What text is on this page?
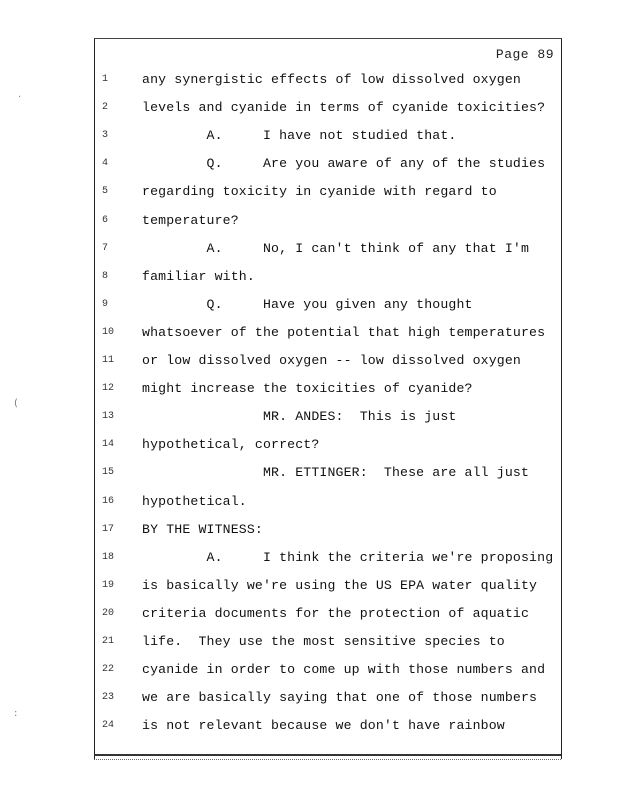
Page 89
1	any synergistic effects of low dissolved oxygen
2	levels and cyanide in terms of cyanide toxicities?
3	A.     I have not studied that.
4	Q.     Are you aware of any of the studies
5	regarding toxicity in cyanide with regard to
6	temperature?
7	A.     No, I can't think of any that I'm
8	familiar with.
9	Q.     Have you given any thought
10	whatsoever of the potential that high temperatures
11	or low dissolved oxygen -- low dissolved oxygen
12	might increase the toxicities of cyanide?
13	MR. ANDES:  This is just
14	hypothetical, correct?
15	MR. ETTINGER:  These are all just
16	hypothetical.
17	BY THE WITNESS:
18	A.     I think the criteria we're proposing
19	is basically we're using the US EPA water quality
20	criteria documents for the protection of aquatic
21	life.  They use the most sensitive species to
22	cyanide in order to come up with those numbers and
23	we are basically saying that one of those numbers
24	is not relevant because we don't have rainbow
·
(
:
